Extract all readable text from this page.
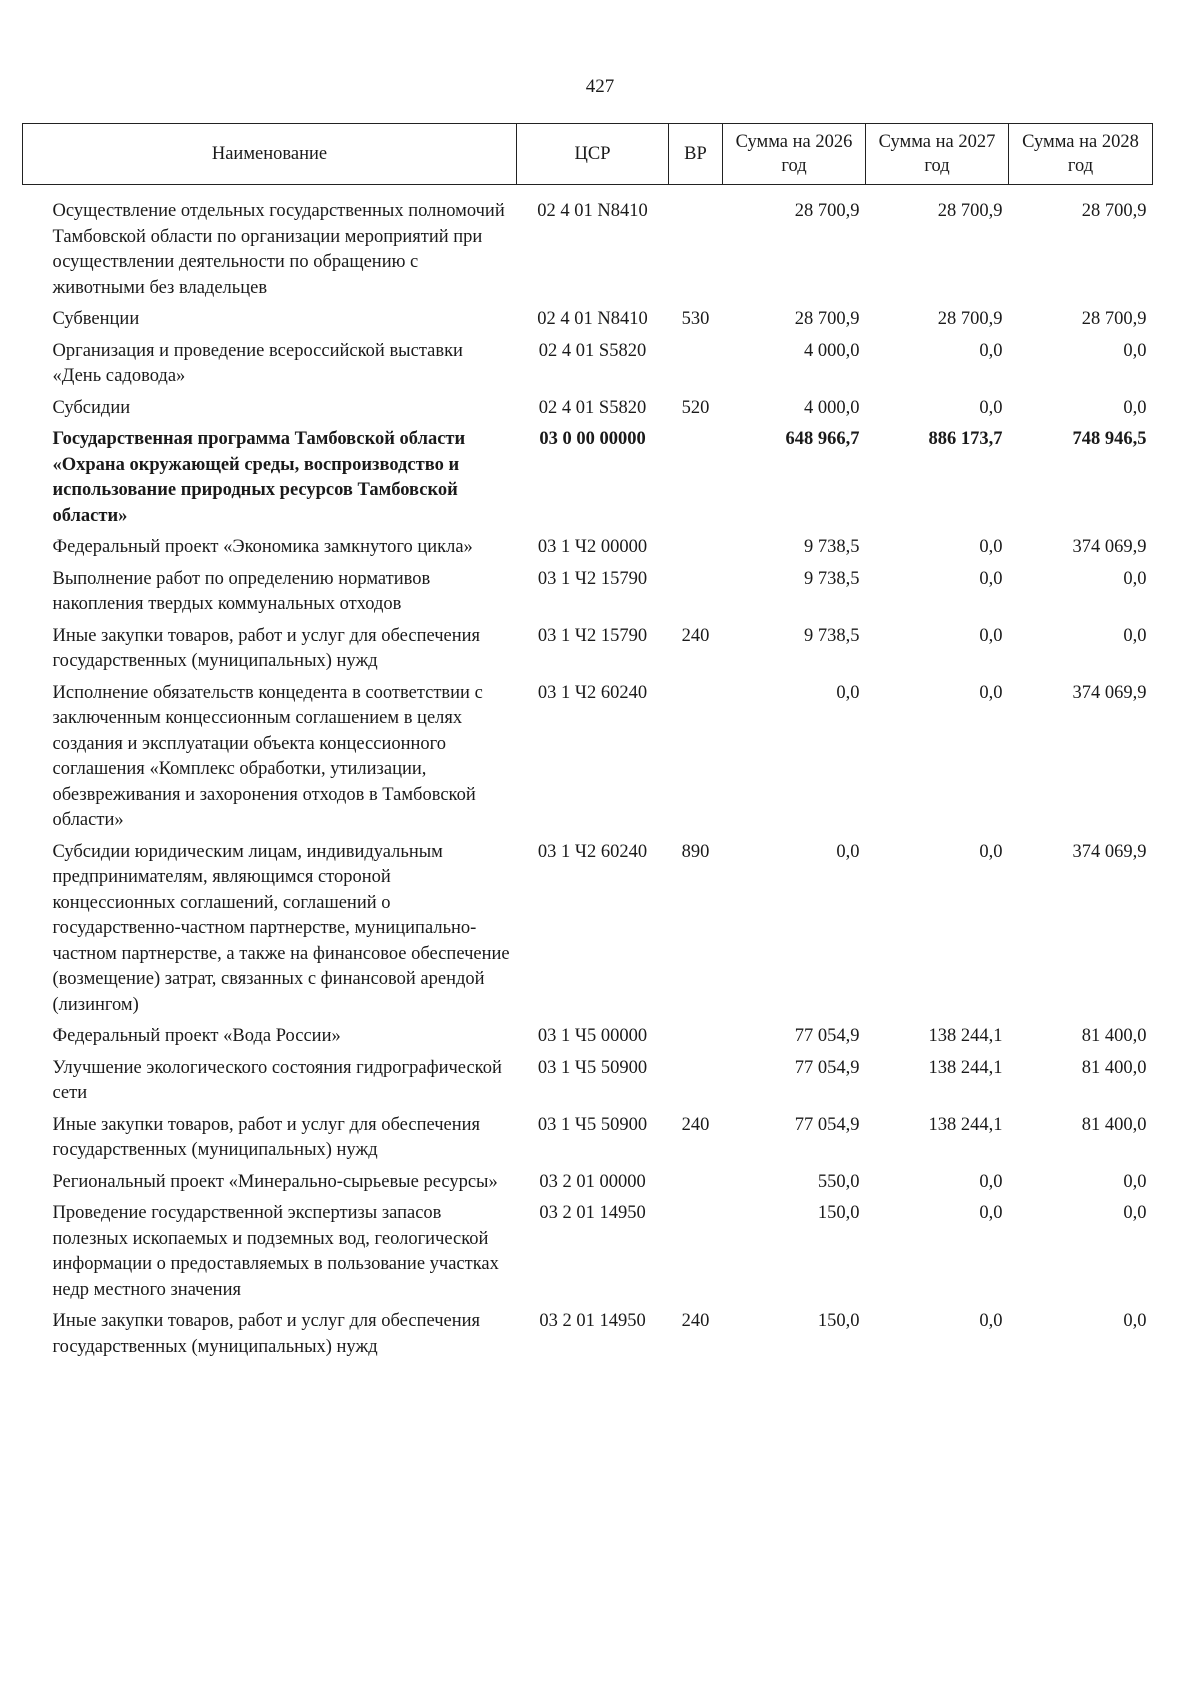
427
Наименование	ЦСР	ВР	Сумма на 2026 год	Сумма на 2027 год	Сумма на 2028 год
Осуществление отдельных государственных полномочий Тамбовской области по организации мероприятий при осуществлении деятельности по обращению с животными без владельцев	02 4 01 N8410		28 700,9	28 700,9	28 700,9
Субвенции	02 4 01 N8410	530	28 700,9	28 700,9	28 700,9
Организация и проведение всероссийской выставки «День садовода»	02 4 01 S5820		4 000,0	0,0	0,0
Субсидии	02 4 01 S5820	520	4 000,0	0,0	0,0
Государственная программа Тамбовской области «Охрана окружающей среды, воспроизводство и использование природных ресурсов Тамбовской области»	03 0 00 00000		648 966,7	886 173,7	748 946,5
Федеральный проект «Экономика замкнутого цикла»	03 1 Ч2 00000		9 738,5	0,0	374 069,9
Выполнение работ по определению нормативов накопления твердых коммунальных отходов	03 1 Ч2 15790		9 738,5	0,0	0,0
Иные закупки товаров, работ и услуг для обеспечения государственных (муниципальных) нужд	03 1 Ч2 15790	240	9 738,5	0,0	0,0
Исполнение обязательств концедента в соответствии с заключенным концессионным соглашением в целях создания и эксплуатации объекта концессионного соглашения «Комплекс обработки, утилизации, обезвреживания и захоронения отходов в Тамбовской области»	03 1 Ч2 60240		0,0	0,0	374 069,9
Субсидии юридическим лицам, индивидуальным предпринимателям, являющимся стороной концессионных соглашений, соглашений о государственно-частном партнерстве, муниципально-частном партнерстве, а также на финансовое обеспечение (возмещение) затрат, связанных с финансовой арендой (лизингом)	03 1 Ч2 60240	890	0,0	0,0	374 069,9
Федеральный проект «Вода России»	03 1 Ч5 00000		77 054,9	138 244,1	81 400,0
Улучшение экологического состояния гидрографической сети	03 1 Ч5 50900		77 054,9	138 244,1	81 400,0
Иные закупки товаров, работ и услуг для обеспечения государственных (муниципальных) нужд	03 1 Ч5 50900	240	77 054,9	138 244,1	81 400,0
Региональный проект «Минерально-сырьевые ресурсы»	03 2 01 00000		550,0	0,0	0,0
Проведение государственной экспертизы запасов полезных ископаемых и подземных вод, геологической информации о предоставляемых в пользование участках недр местного значения	03 2 01 14950		150,0	0,0	0,0
Иные закупки товаров, работ и услуг для обеспечения государственных (муниципальных) нужд	03 2 01 14950	240	150,0	0,0	0,0
